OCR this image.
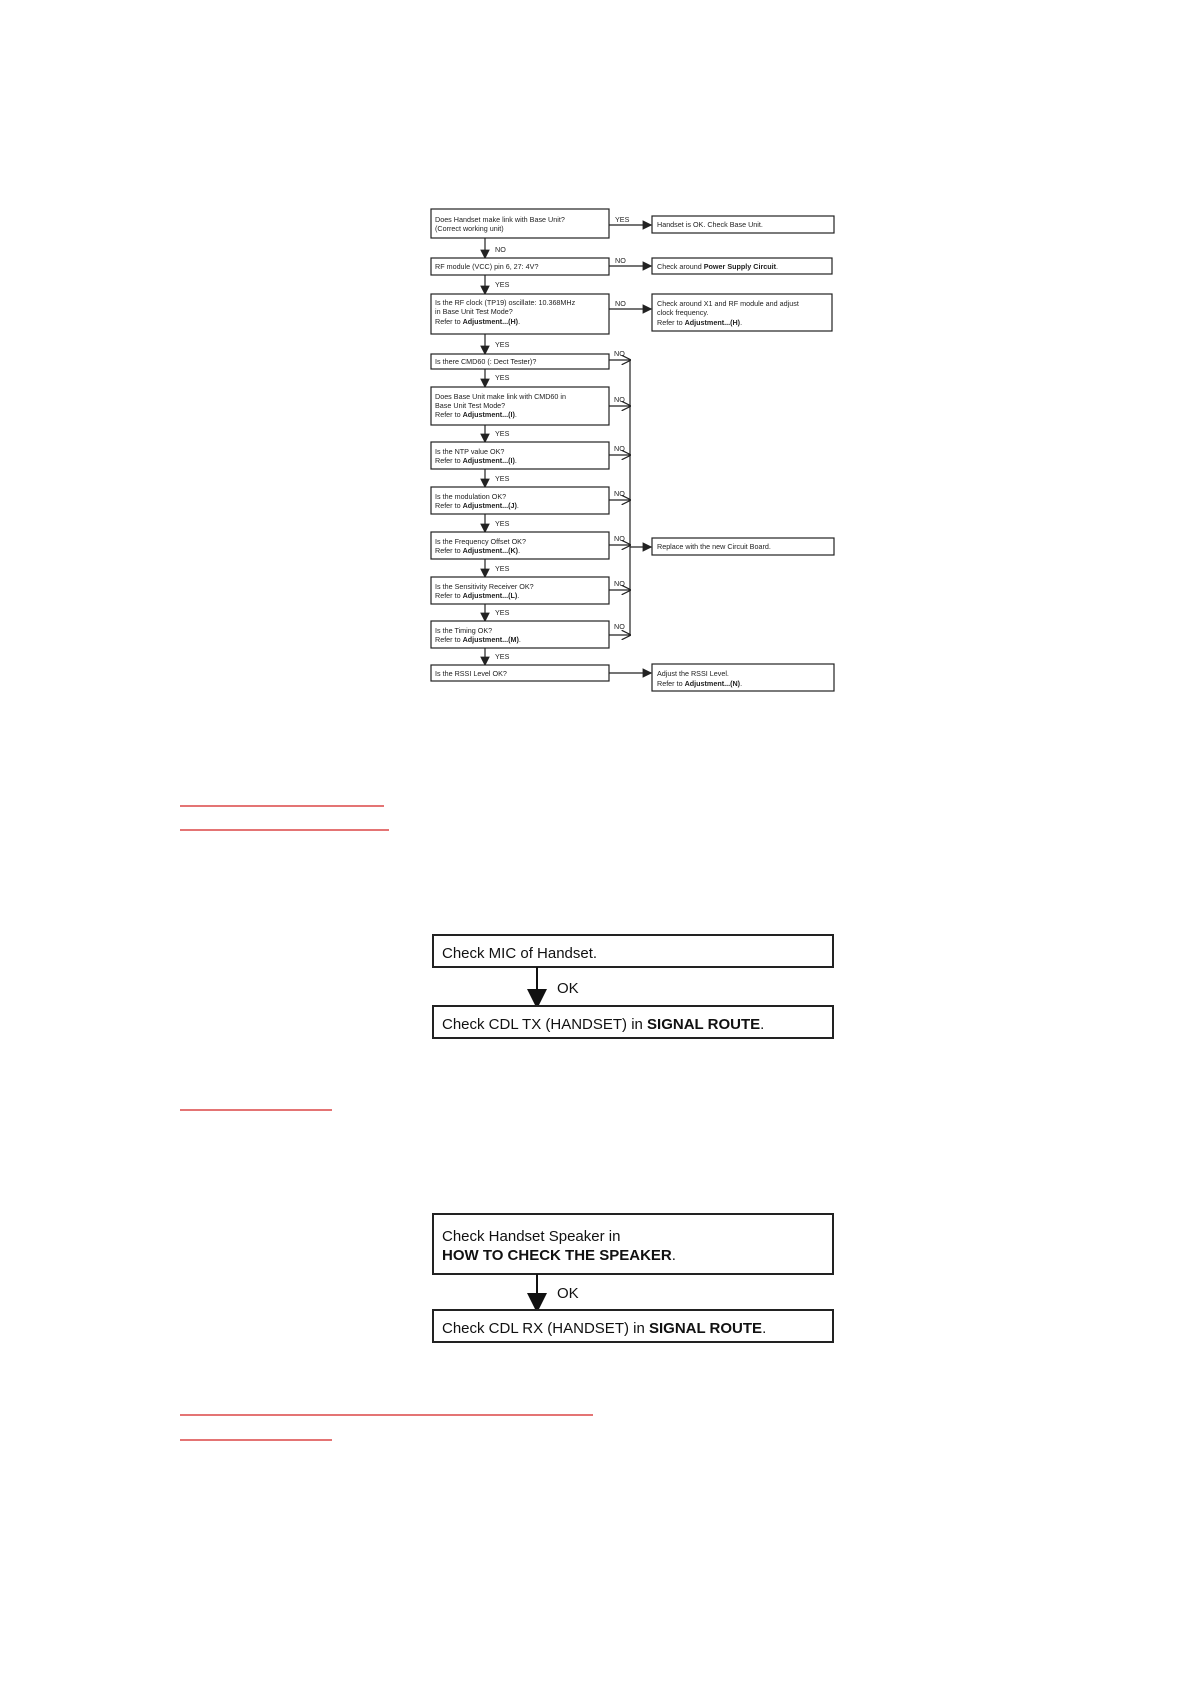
Does Handset make link with Base Unit?
(Correct working unit)	Handset is OK. Check Base Unit.
YES
NO
RF module (VCC) pin 6, 27: 4V?	Check around Power Supply Circuit.
NO
YES
Is the RF clock (TP19) oscillate: 10.368MHz
in Base Unit Test Mode?
Refer to Adjustment...(H).
Check around X1 and RF module and adjust
clock frequency.
Refer to Adjustment...(H).
NO
YES
Is there CMD60 (: Dect Tester)?
YES
Does Base Unit make link with CMD60 in
Base Unit Test Mode?
Refer to Adjustment...(I).
YES
Is the NTP value OK?
Refer to Adjustment...(I).
YES
Is the modulation OK?
Refer to Adjustment...(J).
YES
Is the Frequency Offset OK?
Refer to Adjustment...(K).
YES
Is the Sensitivity Receiver OK?
Refer to Adjustment...(L).
YES
Is the Timing OK?
Refer to Adjustment...(M).
YES
Is the RSSI Level OK?	Adjust the RSSI Level.
Refer to Adjustment...(N).
NO
NO
NO
NO
NO
NO
NO
Replace with the new Circuit Board.
Check MIC of Handset.
OK
Check CDL TX (HANDSET) in SIGNAL ROUTE.
Check Handset Speaker in
HOW TO CHECK THE SPEAKER.
OK
Check CDL RX (HANDSET) in SIGNAL ROUTE.
